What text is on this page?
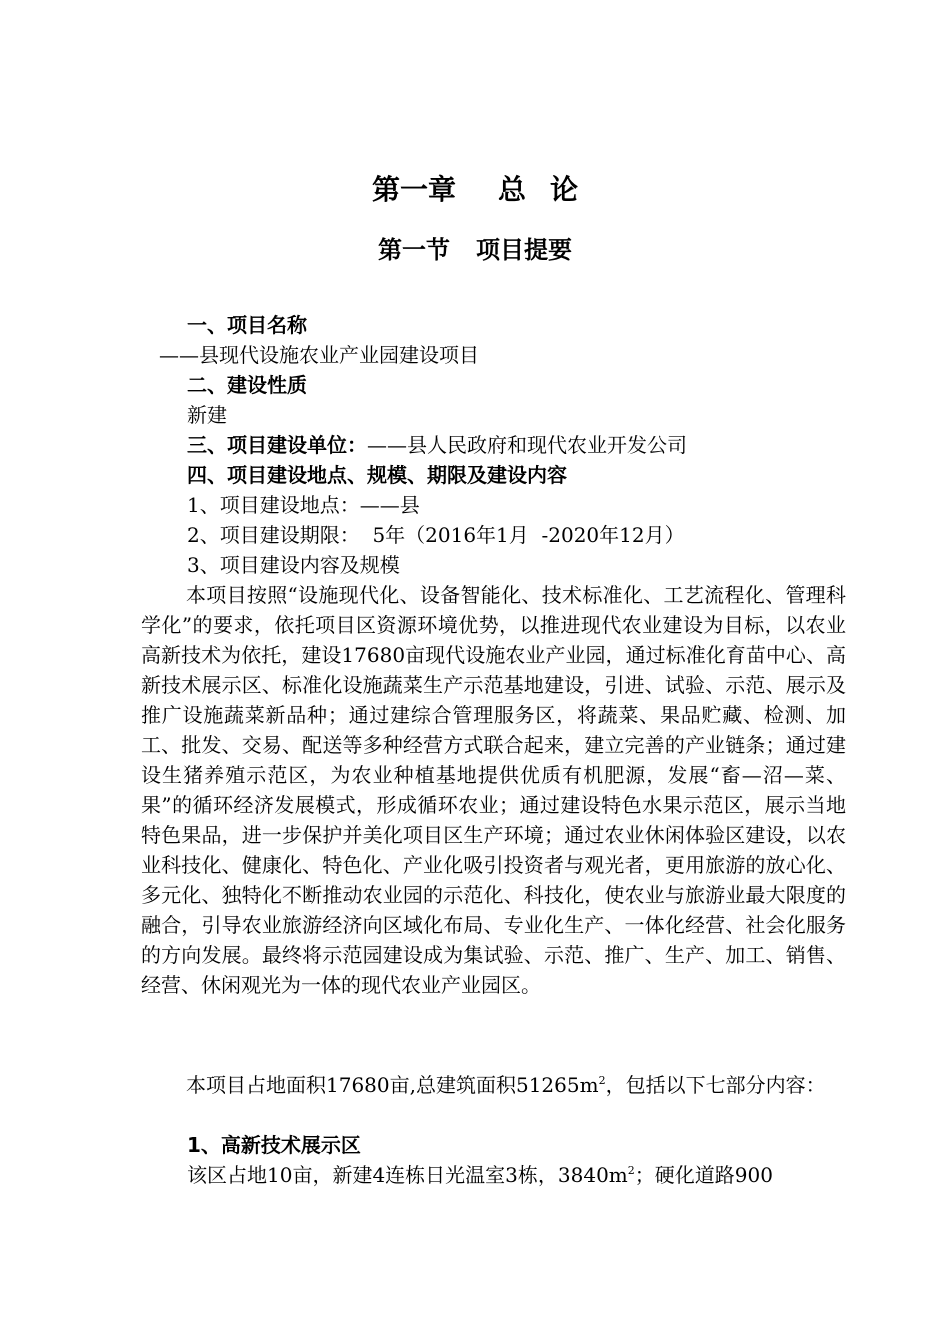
第一章 总 论
第一节 项目提要
一、项目名称
——县现代设施农业产业园建设项目
二、建设性质
新建
三、项目建设单位：——县人民政府和现代农业开发公司
四、项目建设地点、规模、期限及建设内容
1、项目建设地点：——县
2、项目建设期限：  5年（2016年1月  -2020年12月）
3、项目建设内容及规模
本项目按照“设施现代化、设备智能化、技术标准化、工艺流程化、管理科学化”的要求，依托项目区资源环境优势，以推进现代农业建设为目标，以农业高新技术为依托，建设17680亩现代设施农业产业园，通过标准化育苗中心、高新技术展示区、标准化设施蔬菜生产示范基地建设，引进、试验、示范、展示及推广设施蔬菜新品种；通过建综合管理服务区，将蔬菜、果品贮藏、检测、加工、批发、交易、配送等多种经营方式联合起来，建立完善的产业链条；通过建设生猪养殖示范区，为农业种植基地提供优质有机肥源，发展“畜—沼—菜、果”的循环经济发展模式，形成循环农业；通过建设特色水果示范区，展示当地特色果品，进一步保护并美化项目区生产环境；通过农业休闲体验区建设，以农业科技化、健康化、特色化、产业化吸引投资者与观光者，更用旅游的放心化、多元化、独特化不断推动农业园的示范化、科技化，使农业与旅游业最大限度的融合，引导农业旅游经济向区域化布局、专业化生产、一体化经营、社会化服务的方向发展。最终将示范园建设成为集试验、示范、推广、生产、加工、销售、经营、休闲观光为一体的现代农业产业园区。
本项目占地面积17680亩,总建筑面积$51265m^2$，包括以下七部分内容：
1、高新技术展示区
该区占地10亩，新建4连栋日光温室3栋，$3840m^2$；硬化道路900
